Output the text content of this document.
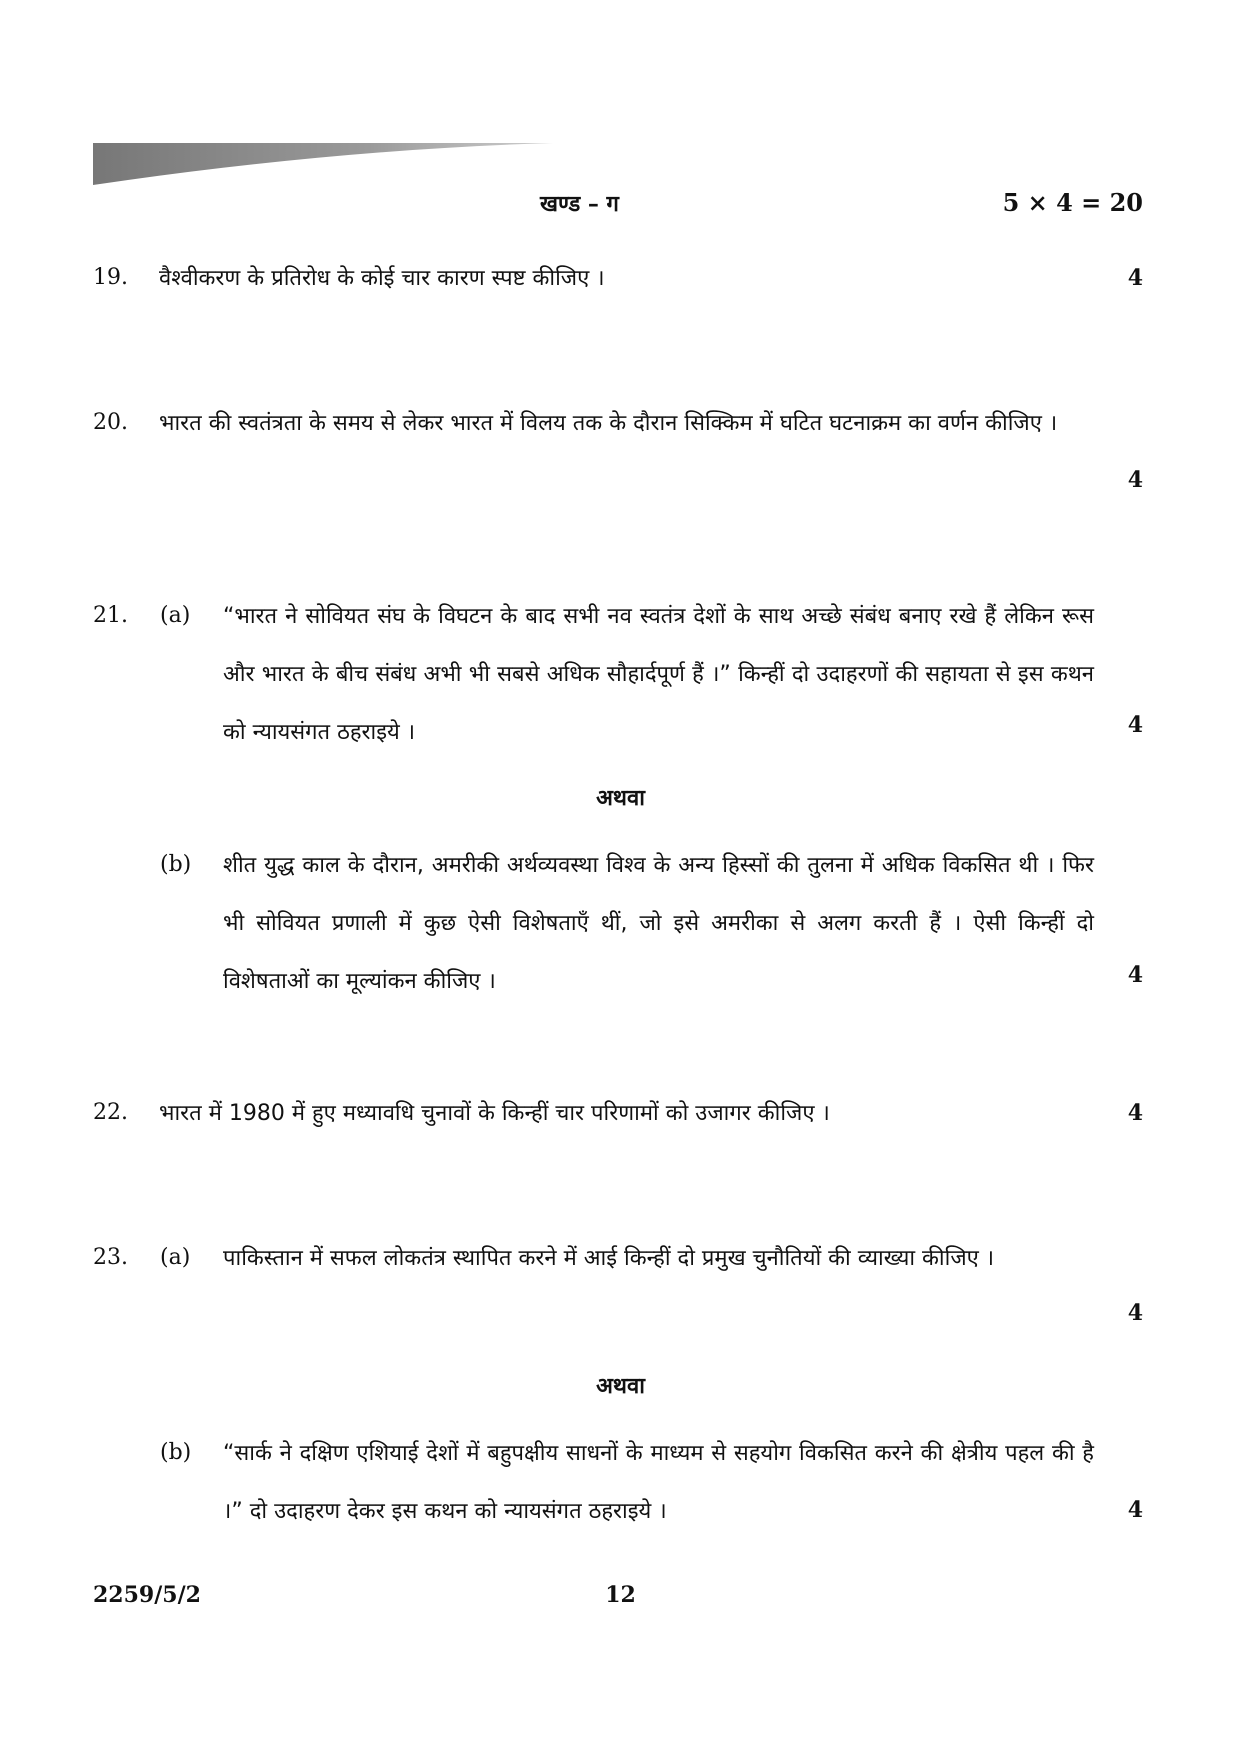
खण्ड – ग	5 × 4 = 20
19. वैश्वीकरण के प्रतिरोध के कोई चार कारण स्पष्ट कीजिए ।	4
20. भारत की स्वतंत्रता के समय से लेकर भारत में विलय तक के दौरान सिक्किम में घटित घटनाक्रम का वर्णन कीजिए ।
4
21. (a) “भारत ने सोवियत संघ के विघटन के बाद सभी नव स्वतंत्र देशों के साथ अच्छे संबंध बनाए रखे हैं लेकिन रूस और भारत के बीच संबंध अभी भी सबसे अधिक सौहार्दपूर्ण हैं ।” किन्हीं दो उदाहरणों की सहायता से इस कथन को न्यायसंगत ठहराइये ।	4
अथवा
(b) शीत युद्ध काल के दौरान, अमरीकी अर्थव्यवस्था विश्व के अन्य हिस्सों की तुलना में अधिक विकसित थी । फिर भी सोवियत प्रणाली में कुछ ऐसी विशेषताएँ थीं, जो इसे अमरीका से अलग करती हैं । ऐसी किन्हीं दो विशेषताओं का मूल्यांकन कीजिए ।	4
22. भारत में 1980 में हुए मध्यावधि चुनावों के किन्हीं चार परिणामों को उजागर कीजिए ।	4
23. (a) पाकिस्तान में सफल लोकतंत्र स्थापित करने में आई किन्हीं दो प्रमुख चुनौतियों की व्याख्या कीजिए ।
4
अथवा
(b) “सार्क ने दक्षिण एशियाई देशों में बहुपक्षीय साधनों के माध्यम से सहयोग विकसित करने की क्षेत्रीय पहल की है ।” दो उदाहरण देकर इस कथन को न्यायसंगत ठहराइये ।	4
2259/5/2	12
